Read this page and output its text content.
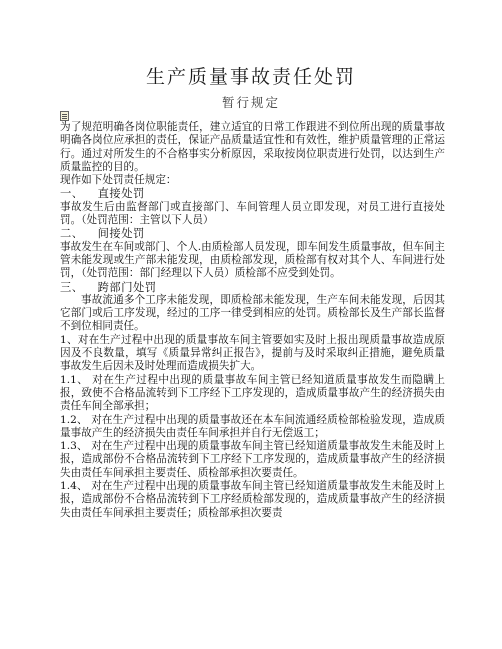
生产质量事故责任处罚
暂行规定

为了规范明确各岗位职能责任，建立适宜的日常工作跟进不到位所出现的质量事故明确各岗位应承担的责任，保证产品质量适宜性和有效性，维护质量管理的正常运行。通过对所发生的不合格事实分析原因，采取按岗位职责进行处罚，以达到生产质量监控的目的。

现作如下处罚责任规定：

一、 直接处罚

事故发生后由监督部门或直接部门、车间管理人员立即发现，对员工进行直接处罚。（处罚范围：主管以下人员）

二、 间接处罚

事故发生在车间或部门、个人.由质检部人员发现，即车间发生质量事故，但车间主管未能发现或生产部未能发现，由质检部发现，质检部有权对其个人、车间进行处罚，（处罚范围：部门经理以下人员）质检部不应受到处罚。

三、 跨部门处罚

事故流通多个工序未能发现，即质检部未能发现，生产车间未能发现，后因其它部门或后工序发现，经过的工序一律受到相应的处罚。质检部长及生产部长监督不到位相同责任。

1、对在生产过程中出现的质量事故车间主管要如实及时上报出现质量事故造成原因及不良数量，填写《质量异常纠正报告》，提前与及时采取纠正措施，避免质量事故发生后因未及时处理而造成损失扩大。

1.1、 对在生产过程中出现的质量事故车间主管已经知道质量事故发生而隐瞒上报，致使不合格品流转到下工序经下工序发现的，造成质量事故产生的经济损失由责任车间全部承担；

1.2、 对在生产过程中出现的质量事故还在本车间流通经质检部检验发现，造成质量事故产生的经济损失由责任车间承担并自行无偿返工；

1.3、 对在生产过程中出现的质量事故车间主管已经知道质量事故发生未能及时上报，造成部份不合格品流转到下工序经下工序发现的，造成质量事故产生的经济损失由责任车间承担主要责任、质检部承担次要责任。

1.4、 对在生产过程中出现的质量事故车间主管已经知道质量事故发生未能及时上报，造成部份不合格品流转到下工序经质检部发现的，造成质量事故产生的经济损失由责任车间承担主要责任；质检部承担次要责
